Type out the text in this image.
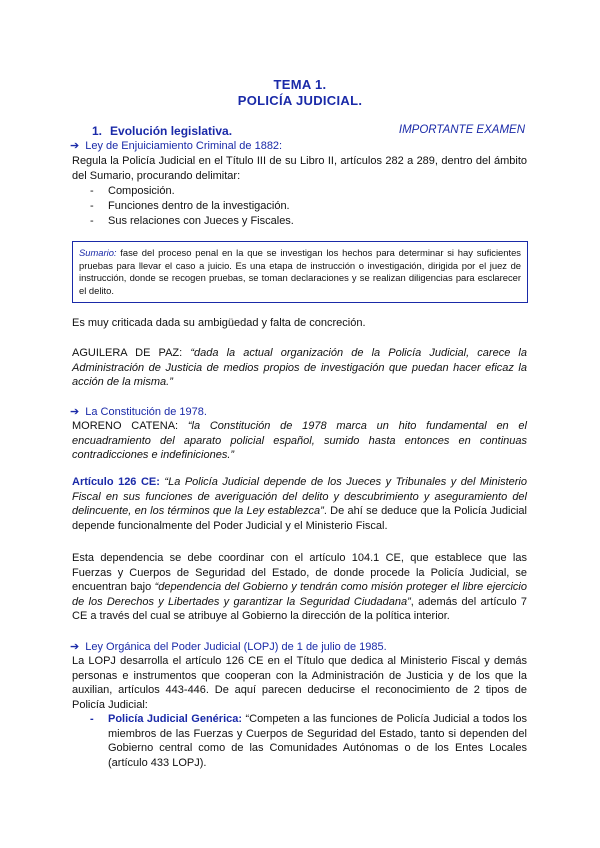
TEMA 1.
POLICÍA JUDICIAL.
1. Evolución legislativa.	IMPORTANTE EXAMEN
➔ Ley de Enjuiciamiento Criminal de 1882:
Regula la Policía Judicial en el Título III de su Libro II, artículos 282 a 289, dentro del ámbito del Sumario, procurando delimitar:
- Composición.
- Funciones dentro de la investigación.
- Sus relaciones con Jueces y Fiscales.
Sumario: fase del proceso penal en la que se investigan los hechos para determinar si hay suficientes pruebas para llevar el caso a juicio. Es una etapa de instrucción o investigación, dirigida por el juez de instrucción, donde se recogen pruebas, se toman declaraciones y se realizan diligencias para esclarecer el delito.
Es muy criticada dada su ambigüedad y falta de concreción.
AGUILERA DE PAZ: “dada la actual organización de la Policía Judicial, carece la Administración de Justicia de medios propios de investigación que puedan hacer eficaz la acción de la misma.”
➔ La Constitución de 1978.
MORENO CATENA: “la Constitución de 1978 marca un hito fundamental en el encuadramiento del aparato policial español, sumido hasta entonces en continuas contradicciones e indefiniciones.”
Artículo 126 CE: “La Policía Judicial depende de los Jueces y Tribunales y del Ministerio Fiscal en sus funciones de averiguación del delito y descubrimiento y aseguramiento del delincuente, en los términos que la Ley establezca”. De ahí se deduce que la Policía Judicial depende funcionalmente del Poder Judicial y el Ministerio Fiscal.
Esta dependencia se debe coordinar con el artículo 104.1 CE, que establece que las Fuerzas y Cuerpos de Seguridad del Estado, de donde procede la Policía Judicial, se encuentran bajo “dependencia del Gobierno y tendrán como misión proteger el libre ejercicio de los Derechos y Libertades y garantizar la Seguridad Ciudadana”, además del artículo 7 CE a través del cual se atribuye al Gobierno la dirección de la política interior.
➔ Ley Orgánica del Poder Judicial (LOPJ) de 1 de julio de 1985.
La LOPJ desarrolla el artículo 126 CE en el Título que dedica al Ministerio Fiscal y demás personas e instrumentos que cooperan con la Administración de Justicia y de los que la auxilian, artículos 443-446. De aquí parecen deducirse el reconocimiento de 2 tipos de Policía Judicial:
- Policía Judicial Genérica: “Competen a las funciones de Policía Judicial a todos los miembros de las Fuerzas y Cuerpos de Seguridad del Estado, tanto si dependen del Gobierno central como de las Comunidades Autónomas o de los Entes Locales (artículo 433 LOPJ).
